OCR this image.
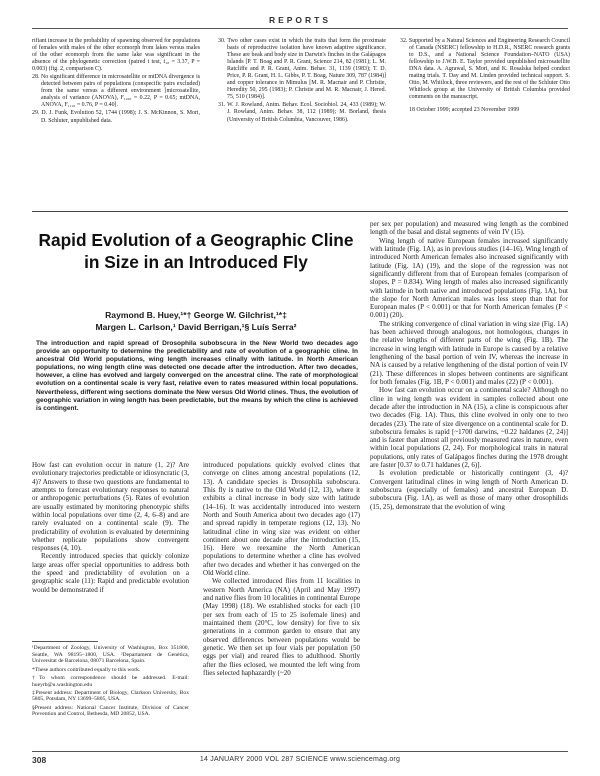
REPORTS

rifiant increase in the probability of spawning observed for populations of females with males of the other ecomorph from lakes versus males of the other ecomorph from the same lake was significant in the absence of the phylogenetic correction (paired t test, t₁₀ = 3.37, P = 0.003) (fig. 2, comparison C).

28. No significant difference in microsatellite or mtDNA divergence is detected between pairs of populations (conspecific pairs excluded) from the same versus a different environment [microsatellite, analysis of variance (ANOVA), F₁,₆₀ = 0.22, P = 0.65; mtDNA, ANOVA, F₁,₁₀ = 0.76, P = 0.40].

29. D. J. Funk, Evolution 52, 1744 (1998); J. S. McKinnon, S. Mori, D. Schluter, unpublished data.

30. Two other cases exist in which the traits that form the proximate basis of reproductive isolation have known adaptive significance. These are beak and body size in Darwin's finches in the Galápagos Islands [P. T. Boag and P. R. Grant, Science 214, 82 (1981); L. M. Ratcliffe and P. R. Grant, Anim. Behav. 31, 1139 (1983); T. D. Price, P. R. Grant, H. L. Gibbs, P. T. Boag, Nature 309, 787 (1984)] and copper tolerance in Mimulus [M. R. Macnair and P. Christie, Heredity 50, 295 (1983); P. Christie and M. R. Macnair, J. Hered. 75, 510 (1984)].

31. W. J. Rowland, Anim. Behav. Ecol. Sociobiol. 24, 433 (1989); W. J. Rowland, Anim. Behav. 38, 112 (1989); M. Borland, thesis (University of British Columbia, Vancouver, 1986).

32. Supported by a Natural Sciences and Engineering Research Council of Canada (NSERC) fellowship to H.D.R., NSERC research grants to D.S., and a National Science Foundation–NATO (USA) fellowship to J.W.B. E. Taylor provided unpublished microsatellite DNA data. A. Agrawal, S. Mori, and K. Rosalska helped conduct mating trials. T. Day and M. Linden provided technical support. S. Otto, M. Whitlock, three reviewers, and the rest of the Schluter Otto Whitlock group at the University of British Columbia provided comments on the manuscript.

18 October 1999; accepted 23 November 1999

Rapid Evolution of a Geographic Cline in Size in an Introduced Fly
Raymond B. Huey,¹*† George W. Gilchrist,¹*‡
Margen L. Carlson,¹ David Berrigan,¹§ Luís Serra²
The introduction and rapid spread of Drosophila subobscura in the New World two decades ago provide an opportunity to determine the predictability and rate of evolution of a geographic cline. In ancestral Old World populations, wing length increases clinally with latitude. In North American populations, no wing length cline was detected one decade after the introduction. After two decades, however, a cline has evolved and largely converged on the ancestral cline. The rate of morphological evolution on a continental scale is very fast, relative even to rates measured within local populations. Nevertheless, different wing sections dominate the New versus Old World clines. Thus, the evolution of geographic variation in wing length has been predictable, but the means by which the cline is achieved is contingent.

How fast can evolution occur in nature (1, 2)? Are evolutionary trajectories predictable or idiosyncratic (3, 4)? Answers to these two questions are fundamental to attempts to forecast evolutionary responses to natural or anthropogenic perturbations (5). Rates of evolution are usually estimated by monitoring phenotypic shifts within local populations over time (2, 4, 6–8) and are rarely evaluated on a continental scale (9). The predictability of evolution is evaluated by determining whether replicate populations show convergent responses (4, 10).

Recently introduced species that quickly colonize large areas offer special opportunities to address both the speed and predictability of evolution on a geographic scale (11): Rapid and predictable evolution would be demonstrated if

¹Department of Zoology, University of Washington, Box 351800, Seattle, WA 98195–1800, USA. ²Departament de Genètica, Universitat de Barcelona, 08071 Barcelona, Spain.

*These authors contributed equally to this work.

†To whom correspondence should be addressed. E-mail: hueyrb@u.washington.edu

‡Present address: Department of Biology, Clarkson University, Box 5805, Potsdam, NY 13699–5805, USA.

§Present address: National Cancer Institute, Division of Cancer Prevention and Control, Bethesda, MD 20852, USA.

introduced populations quickly evolved clines that converge on clines among ancestral populations (12, 13). A candidate species is Drosophila subobscura. This fly is native to the Old World (12, 13), where it exhibits a clinal increase in body size with latitude (14–16). It was accidentally introduced into western North and South America about two decades ago (17) and spread rapidly in temperate regions (12, 13). No latitudinal cline in wing size was evident on either continent about one decade after the introduction (15, 16). Here we reexamine the North American populations to determine whether a cline has evolved after two decades and whether it has converged on the Old World cline.

We collected introduced flies from 11 localities in western North America (NA) (April and May 1997) and native flies from 10 localities in continental Europe (May 1998) (18). We established stocks for each (10 per sex from each of 15 to 25 isofemale lines) and maintained them (20°C, low density) for five to six generations in a common garden to ensure that any observed differences between populations would be genetic. We then set up four vials per population (50 eggs per vial) and reared flies to adulthood. Shortly after the flies eclosed, we mounted the left wing from flies selected haphazardly (~20

per sex per population) and measured wing length as the combined length of the basal and distal segments of vein IV (15).

Wing length of native European females increased significantly with latitude (Fig. 1A), as in previous studies (14–16). Wing length of introduced North American females also increased significantly with latitude (Fig. 1A) (19), and the slope of the regression was not significantly different from that of European females (comparison of slopes, P = 0.834). Wing length of males also increased significantly with latitude in both native and introduced populations (Fig. 1A), but the slope for North American males was less steep than that for European males (P < 0.001) or that for North American females (P < 0.001) (20).

The striking convergence of clinal variation in wing size (Fig. 1A) has been achieved through analogous, not homologous, changes in the relative lengths of different parts of the wing (Fig. 1B). The increase in wing length with latitude in Europe is caused by a relative lengthening of the basal portion of vein IV, whereas the increase in NA is caused by a relative lengthening of the distal portion of vein IV (21). These differences in slopes between continents are significant for both females (Fig. 1B, P < 0.001) and males (22) (P < 0.001).

How fast can evolution occur on a continental scale? Although no cline in wing length was evident in samples collected about one decade after the introduction in NA (15), a cline is conspicuous after two decades (Fig. 1A). Thus, this cline evolved in only one to two decades (23). The rate of size divergence on a continental scale for D. subobscura females is rapid [~1700 darwins, ~0.22 haldanes (2, 24)] and is faster than almost all previously measured rates in nature, even within local populations (2, 24). For morphological traits in natural populations, only rates of Galápagos finches during the 1978 drought are faster [0.37 to 0.71 haldanes (2, 6)].

Is evolution predictable or historically contingent (3, 4)? Convergent latitudinal clines in wing length of North American D. subobscura (especially of females) and ancestral European D. subobscura (Fig. 1A), as well as those of many other drosophilids (15, 25), demonstrate that the evolution of wing

308	14 JANUARY 2000 VOL 287 SCIENCE www.sciencemag.org
